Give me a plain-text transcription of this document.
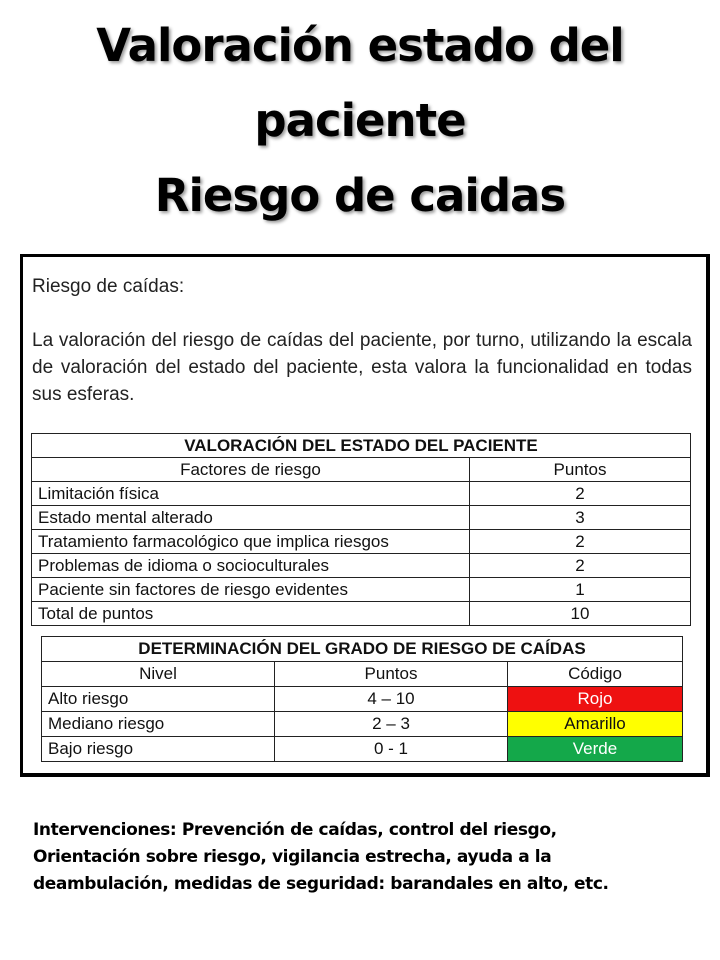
Valoración estado del
paciente
Riesgo de caidas
Riesgo de caídas:
La valoración del riesgo de caídas del paciente, por turno, utilizando la escala de valoración del estado del paciente, esta valora la funcionalidad en todas sus esferas.
VALORACIÓN DEL ESTADO DEL PACIENTE	
Factores de riesgo	Puntos
Limitación física	2
Estado mental alterado	3
Tratamiento farmacológico que implica riesgos	2
Problemas de idioma o socioculturales	2
Paciente sin factores de riesgo evidentes	1
Total de puntos	10
DETERMINACIÓN DEL GRADO DE RIESGO DE CAÍDAS		
Nivel	Puntos	Código
Alto riesgo	4 – 10	Rojo
Mediano riesgo	2 – 3	Amarillo
Bajo riesgo	0 - 1	Verde
Intervenciones: Prevención de caídas, control del riesgo,
Orientación sobre riesgo, vigilancia estrecha, ayuda a la
deambulación, medidas de seguridad: barandales en alto, etc.
